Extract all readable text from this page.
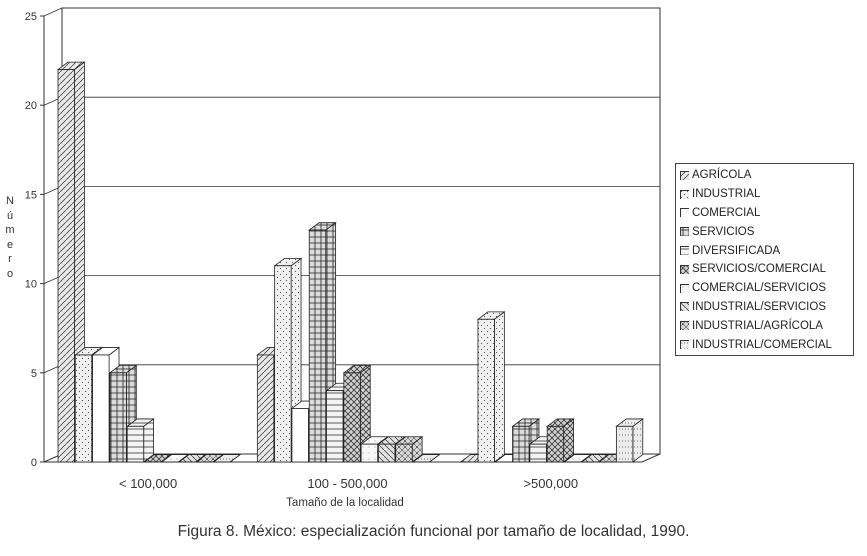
0
5
10
15
20
25
< 100,000	100 - 500,000	>500,000
N
ú
m
e
r
o
Tamaño de la localidad
AGRÍCOLA
INDUSTRIAL
COMERCIAL
SERVICIOS
DIVERSIFICADA
SERVICIOS/COMERCIAL
COMERCIAL/SERVICIOS
INDUSTRIAL/SERVICIOS
INDUSTRIAL/AGRÍCOLA
INDUSTRIAL/COMERCIAL
Figura 8. México: especialización funcional por tamaño de localidad, 1990.
